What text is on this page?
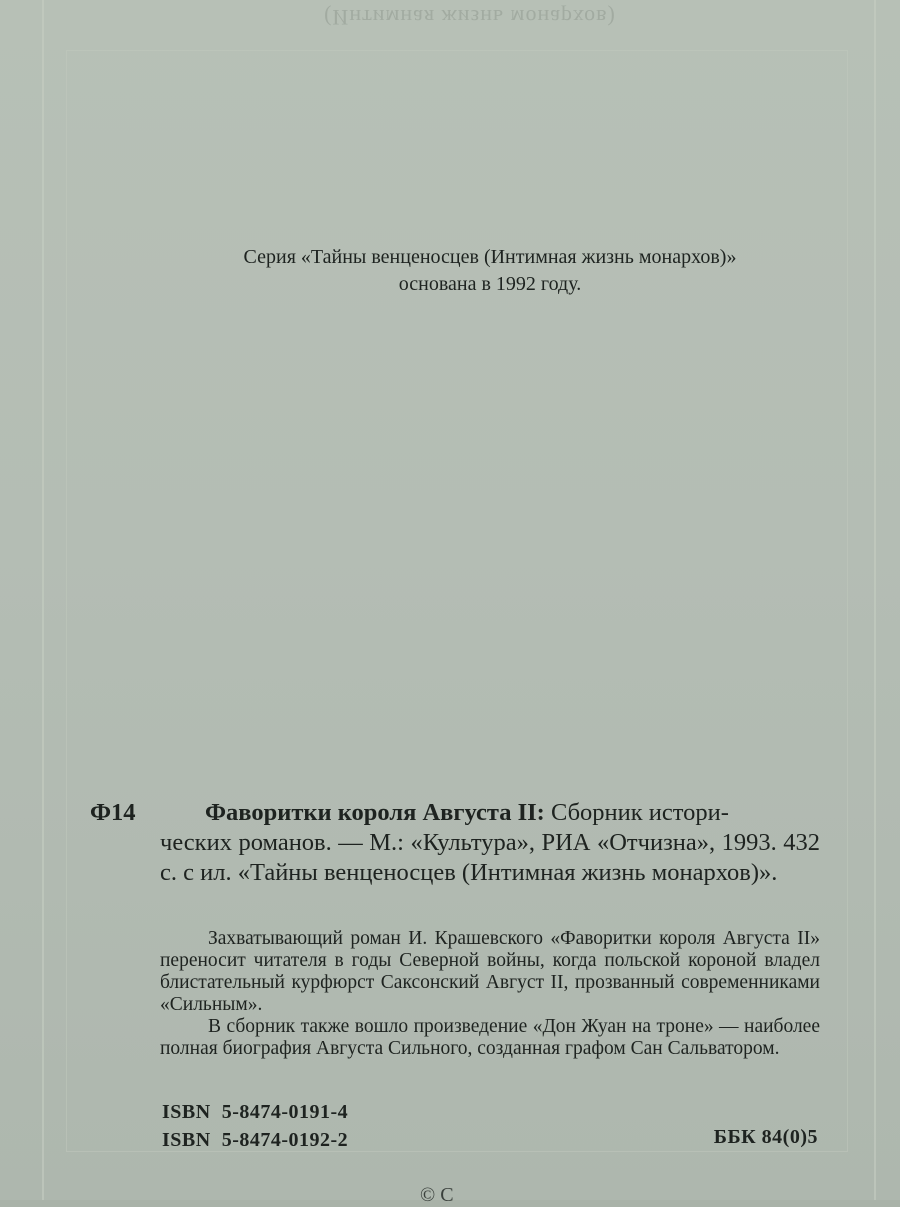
(Интимная жизнь монархов)
Серия «Тайны венценосцев (Интимная жизнь монархов)»
основана в 1992 году.
Ф14	Фаворитки короля Августа II: Сборник истори-
ческих романов. — М.: «Культура», РИА «Отчизна», 1993. 432 с. с ил. «Тайны венценосцев (Интимная жизнь монархов)».

Захватывающий роман И. Крашевского «Фаворитки короля Августа II» переносит читателя в годы Северной войны, когда польской короной владел блистательный курфюрст Саксонский Август II, прозванный современниками «Сильным».

В сборник также вошло произведение «Дон Жуан на троне» — наиболее полная биография Августа Сильного, созданная графом Сан Сальватором.

ISBN  5-8474-0191-4
ISBN  5-8474-0192-2	ББК 84(0)5
© С
